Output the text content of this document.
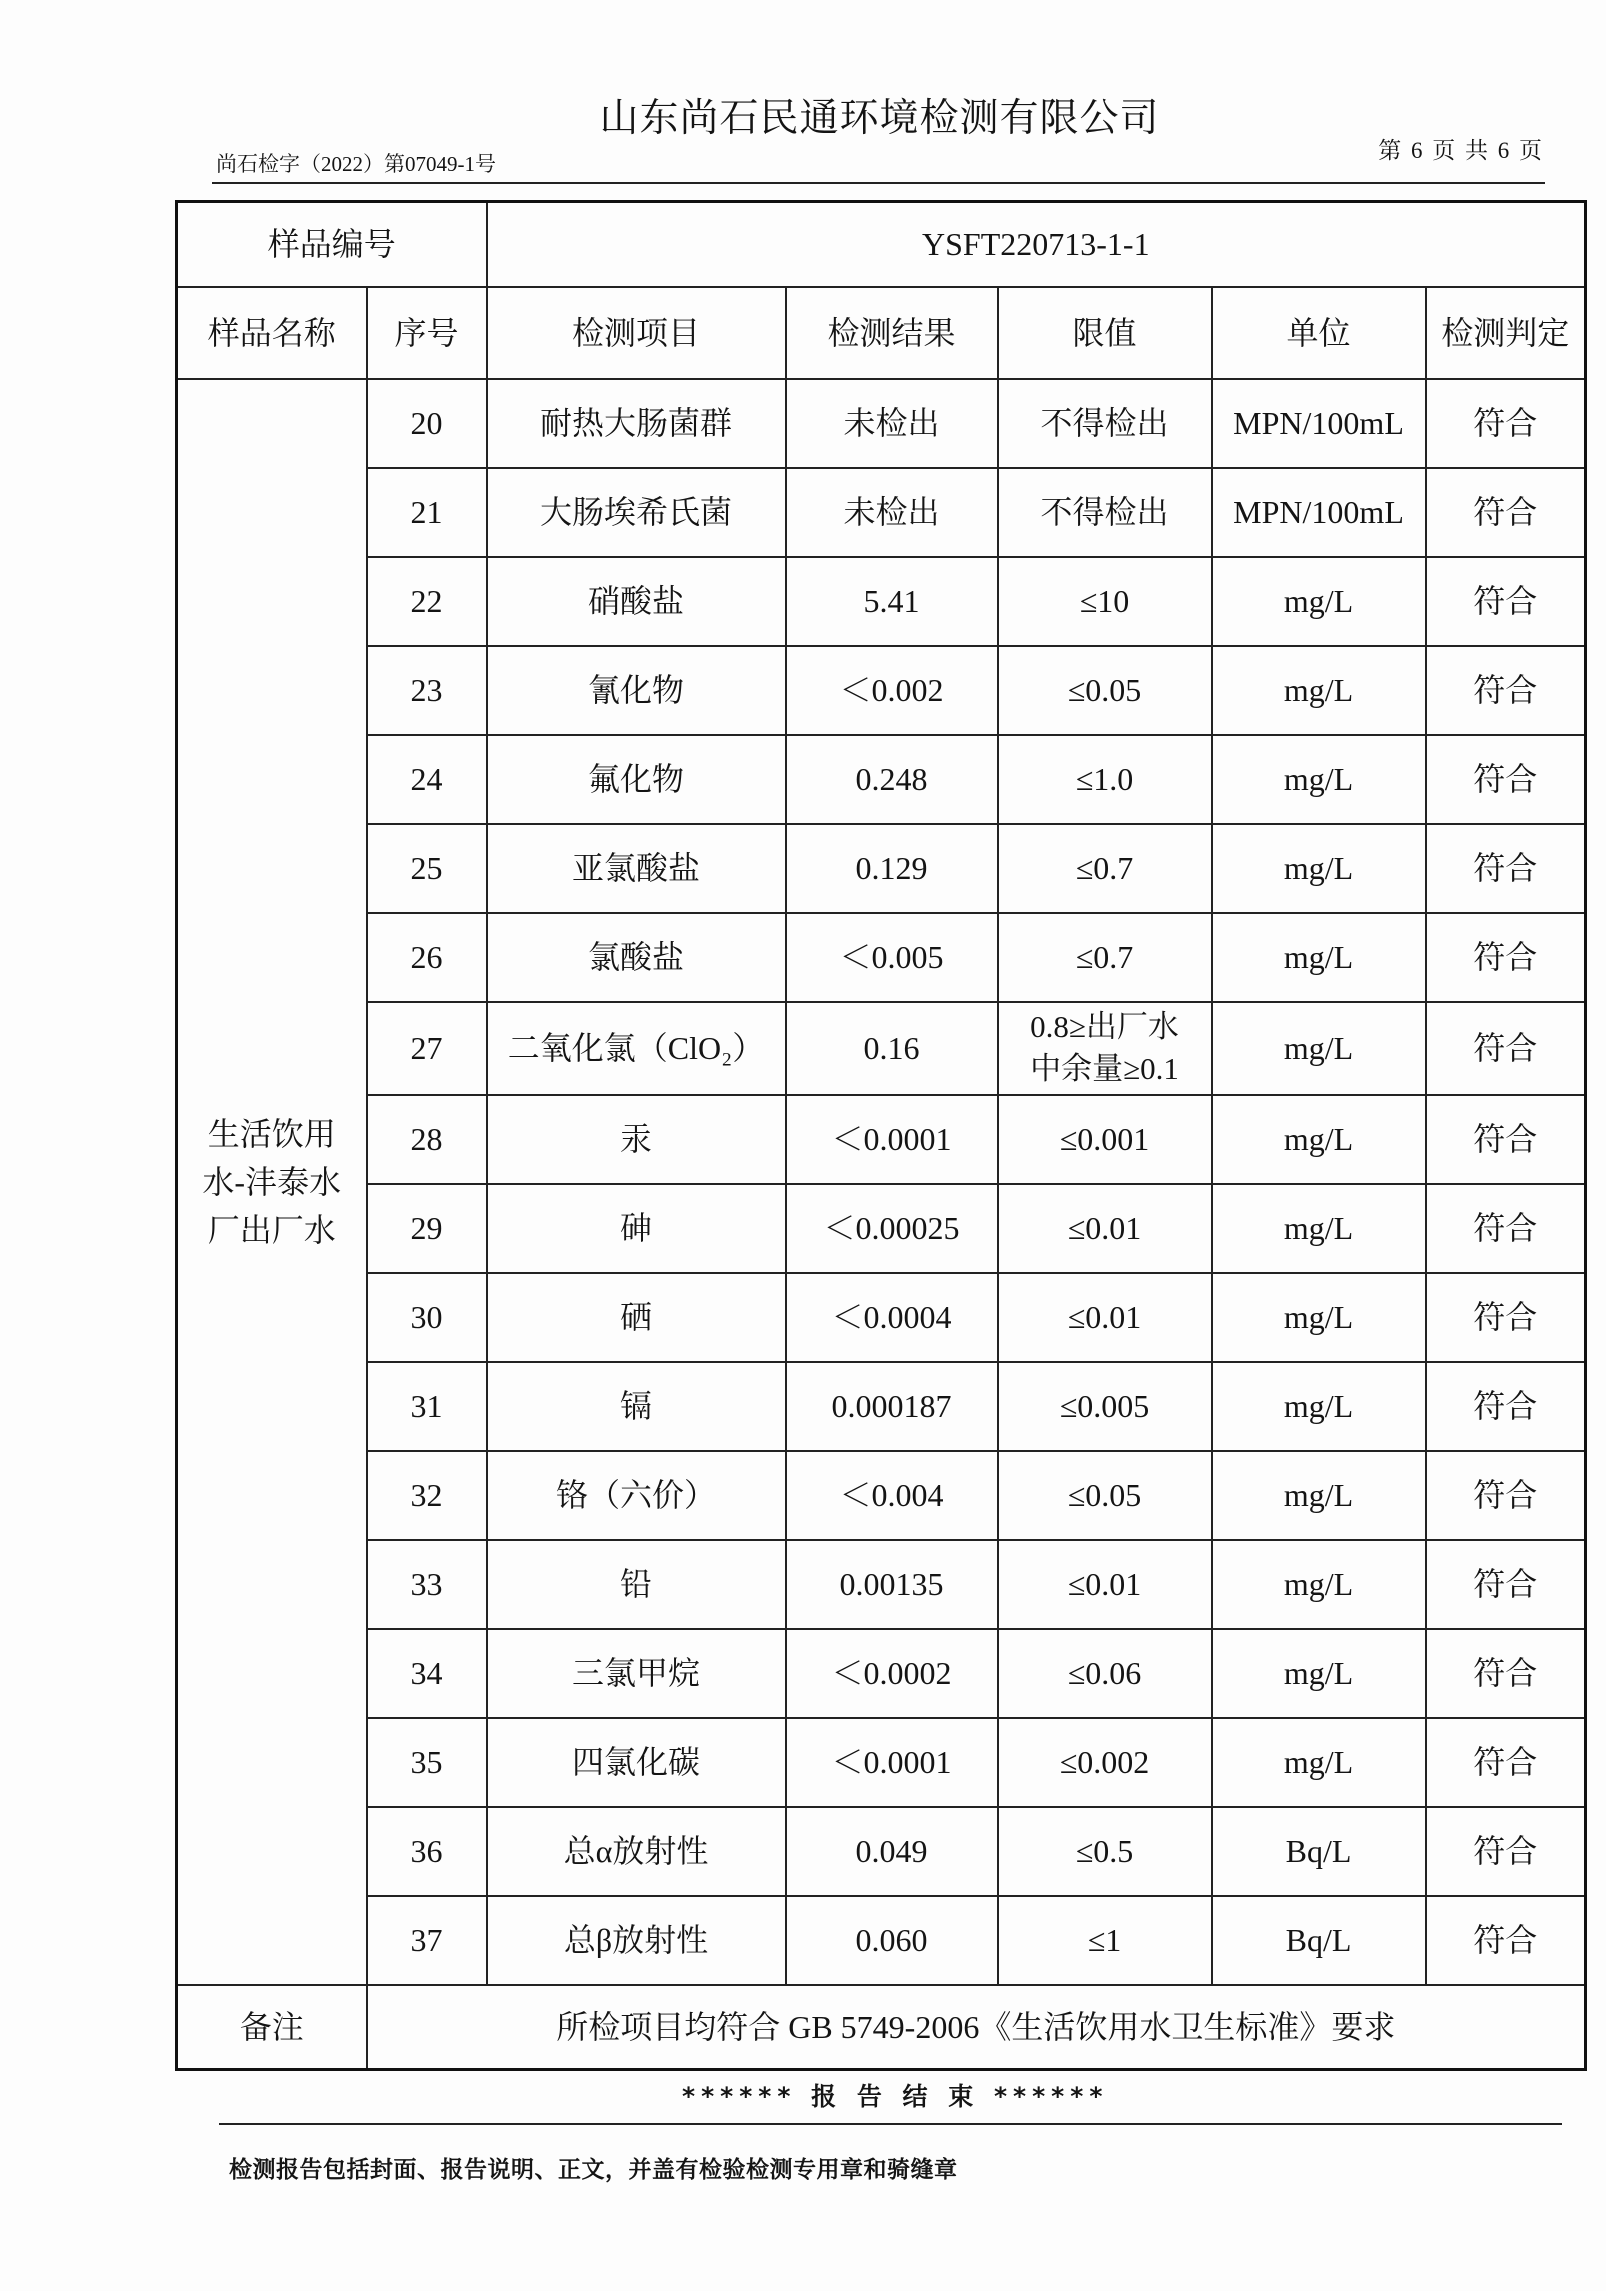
山东尚石民通环境检测有限公司
尚石检字（2022）第07049-1号
第 6 页 共 6 页
样品编号		YSFT220713-1-1				
样品名称	序号	检测项目	检测结果	限值	单位	检测判定
生活饮用
水-沣泰水
厂出厂水	20	耐热大肠菌群	未检出	不得检出	MPN/100mL	符合
	21	大肠埃希氏菌	未检出	不得检出	MPN/100mL	符合
	22	硝酸盐	5.41	≤10	mg/L	符合
	23	氰化物	＜0.002	≤0.05	mg/L	符合
	24	氟化物	0.248	≤1.0	mg/L	符合
	25	亚氯酸盐	0.129	≤0.7	mg/L	符合
	26	氯酸盐	＜0.005	≤0.7	mg/L	符合
	27	二氧化氯（ClO₂）	0.16	0.8≥出厂水
中余量≥0.1	mg/L	符合
	28	汞	＜0.0001	≤0.001	mg/L	符合
	29	砷	＜0.00025	≤0.01	mg/L	符合
	30	硒	＜0.0004	≤0.01	mg/L	符合
	31	镉	0.000187	≤0.005	mg/L	符合
	32	铬（六价）	＜0.004	≤0.05	mg/L	符合
	33	铅	0.00135	≤0.01	mg/L	符合
	34	三氯甲烷	＜0.0002	≤0.06	mg/L	符合
	35	四氯化碳	＜0.0001	≤0.002	mg/L	符合
	36	总α放射性	0.049	≤0.5	Bq/L	符合
	37	总β放射性	0.060	≤1	Bq/L	符合
备注	所检项目均符合 GB 5749-2006《生活饮用水卫生标准》要求					
****** 报 告 结 束 ******
检测报告包括封面、报告说明、正文，并盖有检验检测专用章和骑缝章
